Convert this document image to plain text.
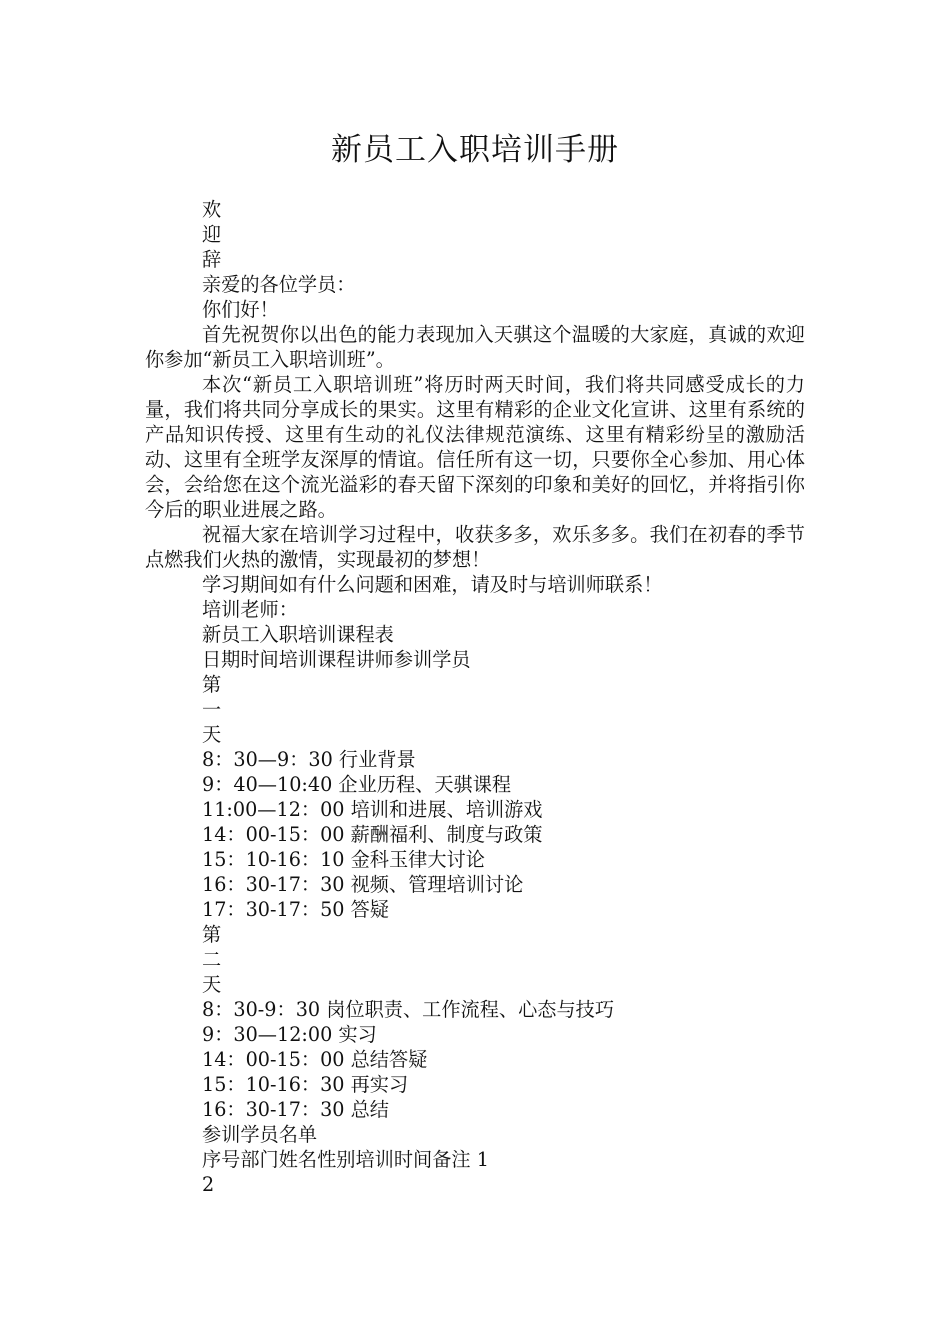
新员工入职培训手册
欢
迎
辞
亲爱的各位学员：
你们好！
首先祝贺你以出色的能力表现加入天骐这个温暖的大家庭，真诚的欢迎你参加“新员工入职培训班”。
本次“新员工入职培训班”将历时两天时间，我们将共同感受成长的力量，我们将共同分享成长的果实。这里有精彩的企业文化宣讲、这里有系统的产品知识传授、这里有生动的礼仪法律规范演练、这里有精彩纷呈的激励活动、这里有全班学友深厚的情谊。信任所有这一切，只要你全心参加、用心体会，会给您在这个流光溢彩的春天留下深刻的印象和美好的回忆，并将指引你今后的职业进展之路。
祝福大家在培训学习过程中，收获多多，欢乐多多。我们在初春的季节点燃我们火热的激情，实现最初的梦想！
学习期间如有什么问题和困难，请及时与培训师联系！
培训老师：
新员工入职培训课程表
日期时间培训课程讲师参训学员
第
一
天
8：30—9：30 行业背景
9：40—10:40 企业历程、天骐课程
11:00—12：00 培训和进展、培训游戏
14：00-15：00 薪酬福利、制度与政策
15：10-16：10 金科玉律大讨论
16：30-17：30 视频、管理培训讨论
17：30-17：50 答疑
第
二
天
8：30-9：30 岗位职责、工作流程、心态与技巧
9：30—12:00 实习
14：00-15：00 总结答疑
15：10-16：30 再实习
16：30-17：30 总结
参训学员名单
序号部门姓名性别培训时间备注 1
2
